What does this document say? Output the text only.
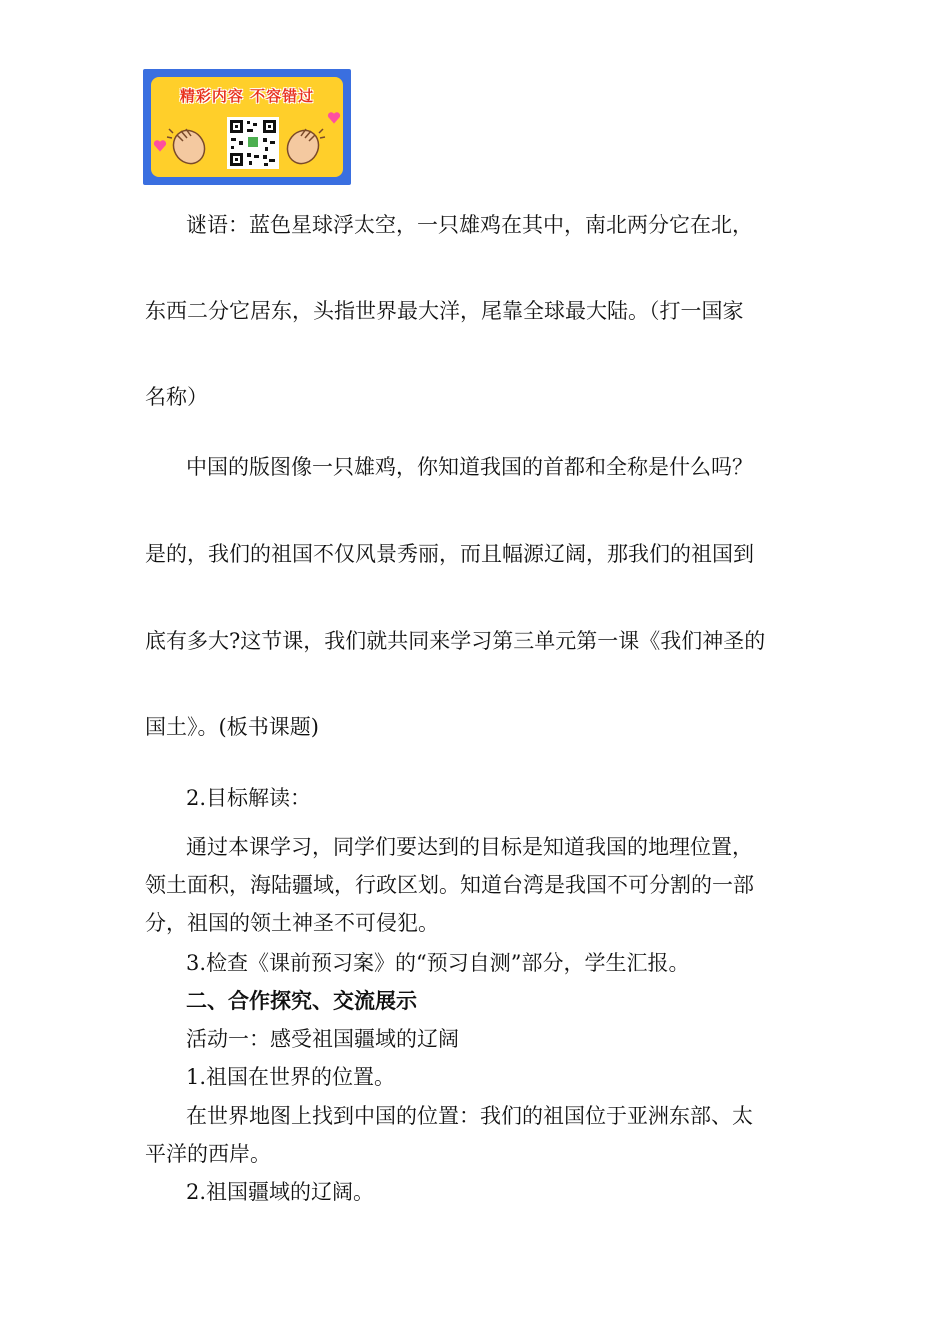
精彩内容 不容错过
谜语：蓝色星球浮太空，一只雄鸡在其中，南北两分它在北，
东西二分它居东，头指世界最大洋，尾靠全球最大陆。（打一国家
名称）
中国的版图像一只雄鸡，你知道我国的首都和全称是什么吗？
是的，我们的祖国不仅风景秀丽，而且幅源辽阔，那我们的祖国到
底有多大?这节课，我们就共同来学习第三单元第一课《我们神圣的
国土》。(板书课题)
2.目标解读：
通过本课学习，同学们要达到的目标是知道我国的地理位置，
领土面积，海陆疆域，行政区划。知道台湾是我国不可分割的一部
分，祖国的领土神圣不可侵犯。
3.检查《课前预习案》的“预习自测”部分，学生汇报。
二、合作探究、交流展示
活动一：感受祖国疆域的辽阔
1.祖国在世界的位置。
在世界地图上找到中国的位置：我们的祖国位于亚洲东部、太
平洋的西岸。
2.祖国疆域的辽阔。
